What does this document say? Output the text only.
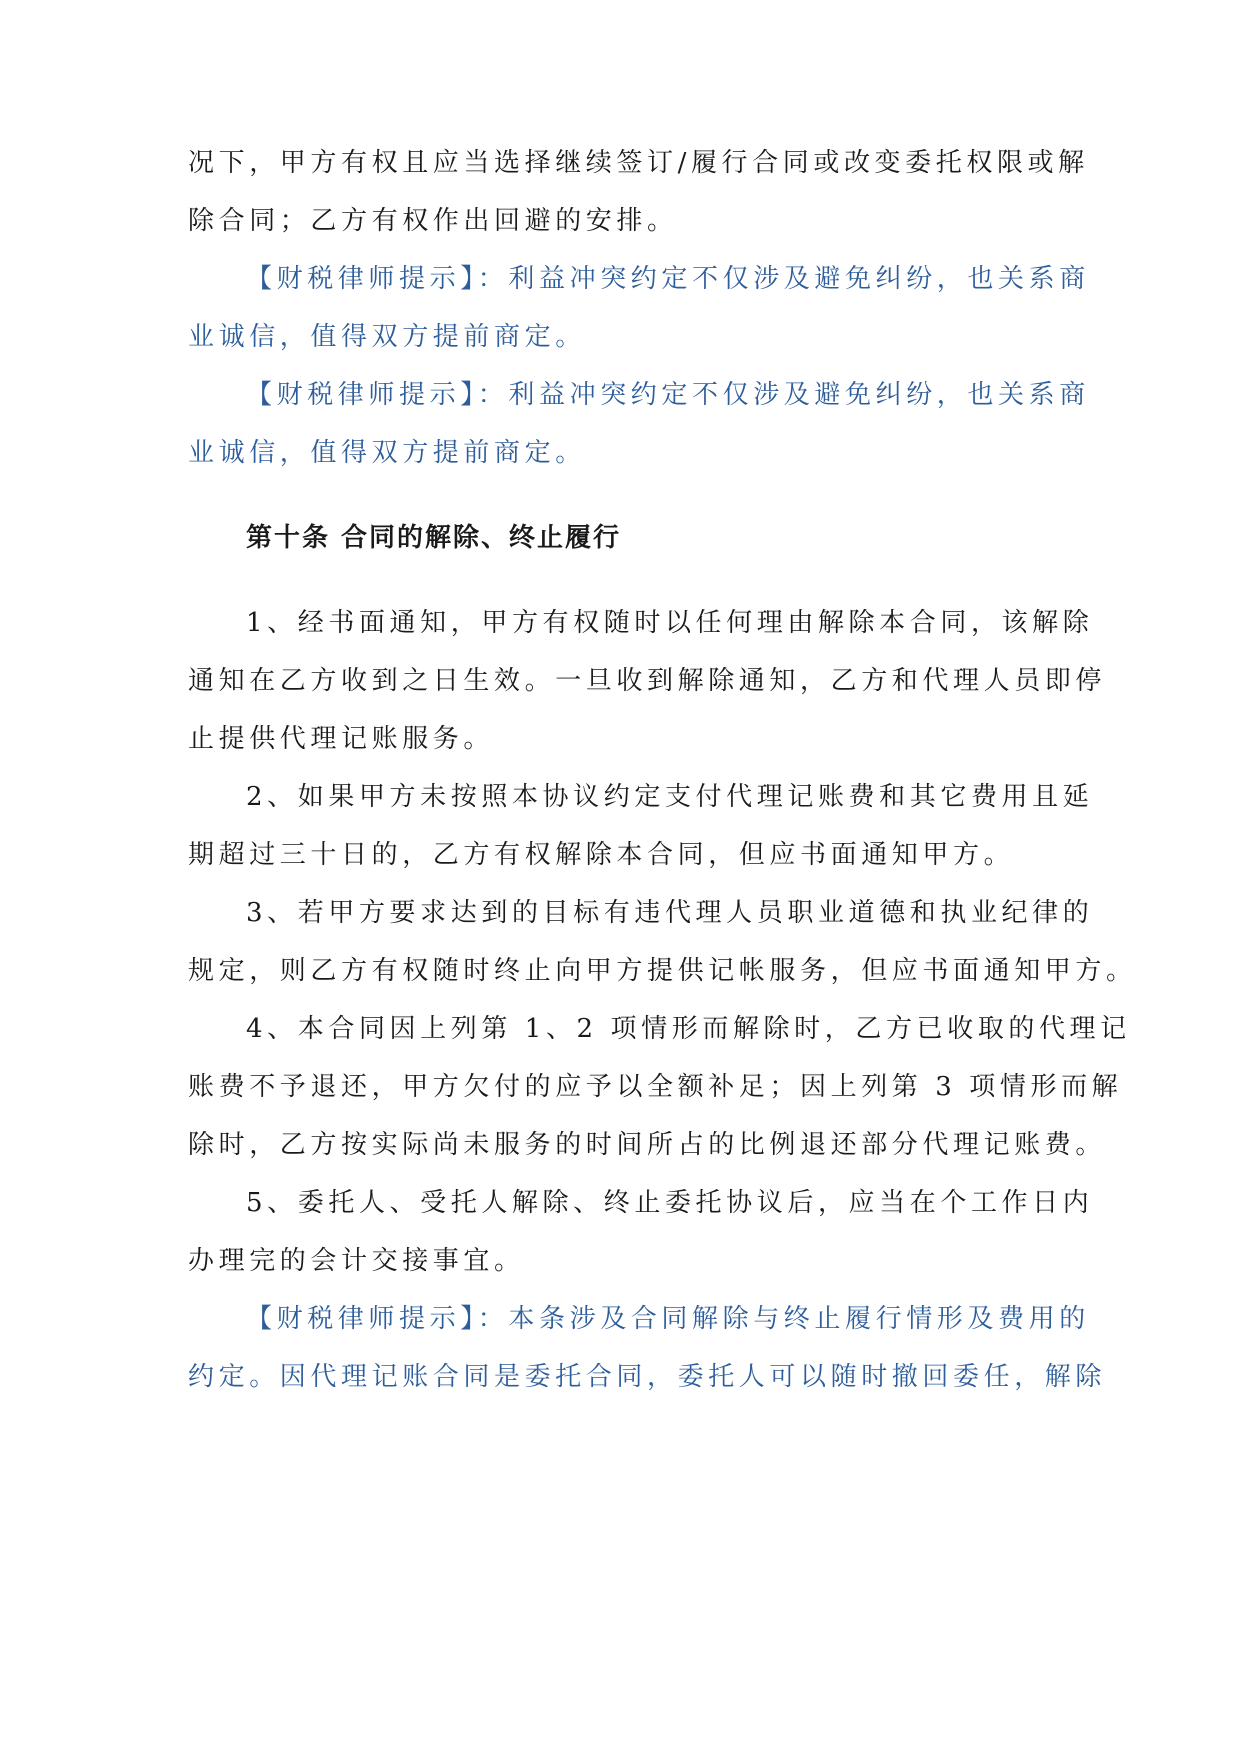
况下，甲方有权且应当选择继续签订/履行合同或改变委托权限或解
除合同；乙方有权作出回避的安排。
【财税律师提示】：利益冲突约定不仅涉及避免纠纷，也关系商
业诚信，值得双方提前商定。
【财税律师提示】：利益冲突约定不仅涉及避免纠纷，也关系商
业诚信，值得双方提前商定。
第十条 合同的解除、终止履行
1、经书面通知，甲方有权随时以任何理由解除本合同，该解除
通知在乙方收到之日生效。一旦收到解除通知，乙方和代理人员即停
止提供代理记账服务。
2、如果甲方未按照本协议约定支付代理记账费和其它费用且延
期超过三十日的，乙方有权解除本合同，但应书面通知甲方。
3、若甲方要求达到的目标有违代理人员职业道德和执业纪律的
规定，则乙方有权随时终止向甲方提供记帐服务，但应书面通知甲方。
4、本合同因上列第 1、2 项情形而解除时，乙方已收取的代理记
账费不予退还，甲方欠付的应予以全额补足；因上列第 3 项情形而解
除时，乙方按实际尚未服务的时间所占的比例退还部分代理记账费。
5、委托人、受托人解除、终止委托协议后，应当在个工作日内
办理完的会计交接事宜。
【财税律师提示】：本条涉及合同解除与终止履行情形及费用的
约定。因代理记账合同是委托合同，委托人可以随时撤回委任，解除
